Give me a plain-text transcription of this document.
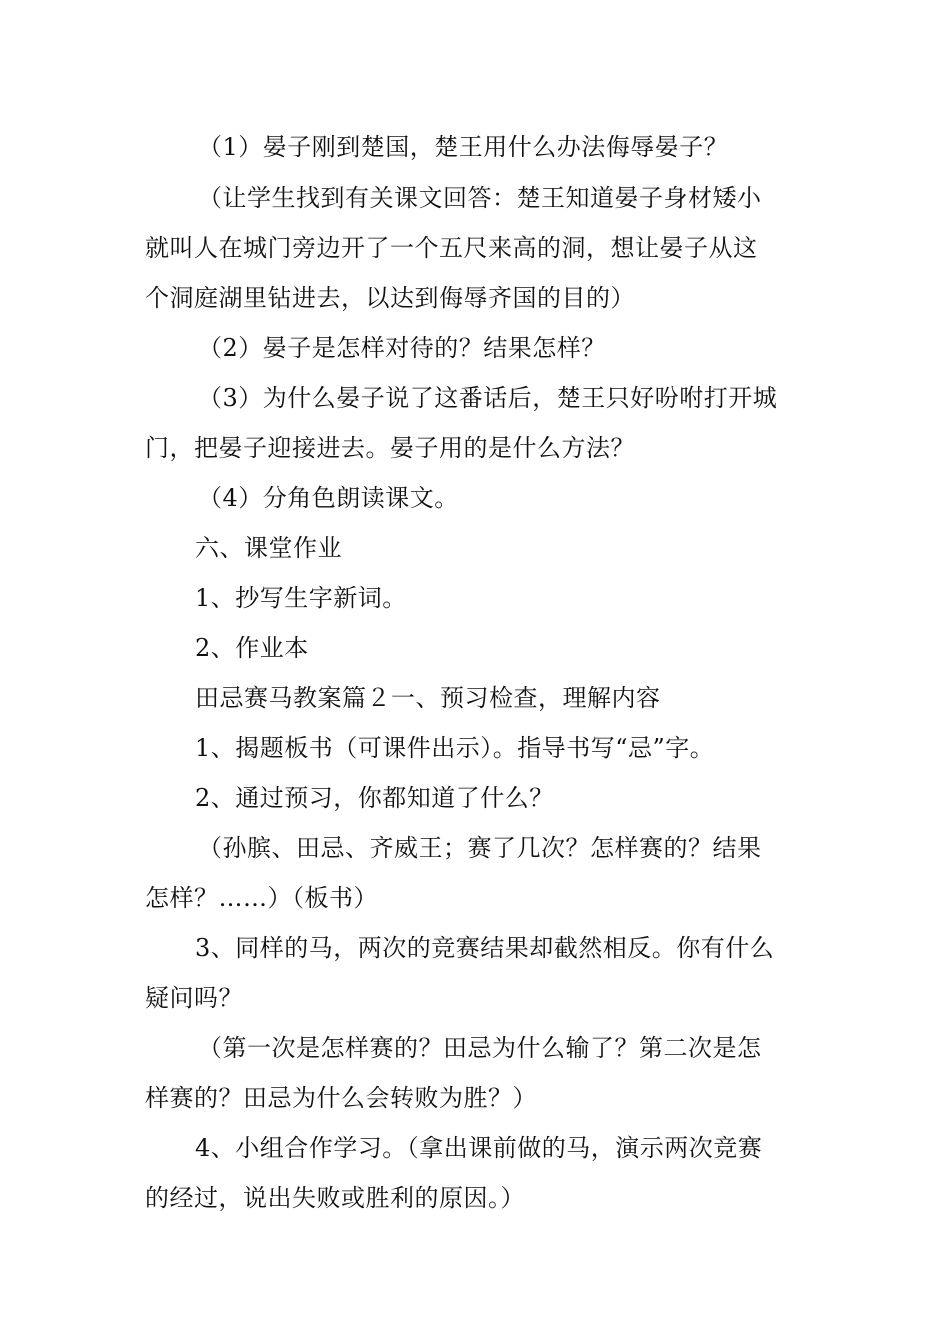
（1）晏子刚到楚国，楚王用什么办法侮辱晏子？
（让学生找到有关课文回答：楚王知道晏子身材矮小
就叫人在城门旁边开了一个五尺来高的洞，想让晏子从这
个洞庭湖里钻进去，以达到侮辱齐国的目的）
（2）晏子是怎样对待的？结果怎样？
（3）为什么晏子说了这番话后，楚王只好吩咐打开城
门，把晏子迎接进去。晏子用的是什么方法？
（4）分角色朗读课文。
六、课堂作业
1、抄写生字新词。
2、作业本
田忌赛马教案篇２一、预习检查，理解内容
1、揭题板书（可课件出示）。指导书写“忌”字。
2、通过预习，你都知道了什么？
（孙膑、田忌、齐威王；赛了几次？怎样赛的？结果
怎样？……）（板书）
3、同样的马，两次的竞赛结果却截然相反。你有什么
疑问吗？
（第一次是怎样赛的？田忌为什么输了？第二次是怎
样赛的？田忌为什么会转败为胜？）
4、小组合作学习。（拿出课前做的马，演示两次竞赛
的经过，说出失败或胜利的原因。）
